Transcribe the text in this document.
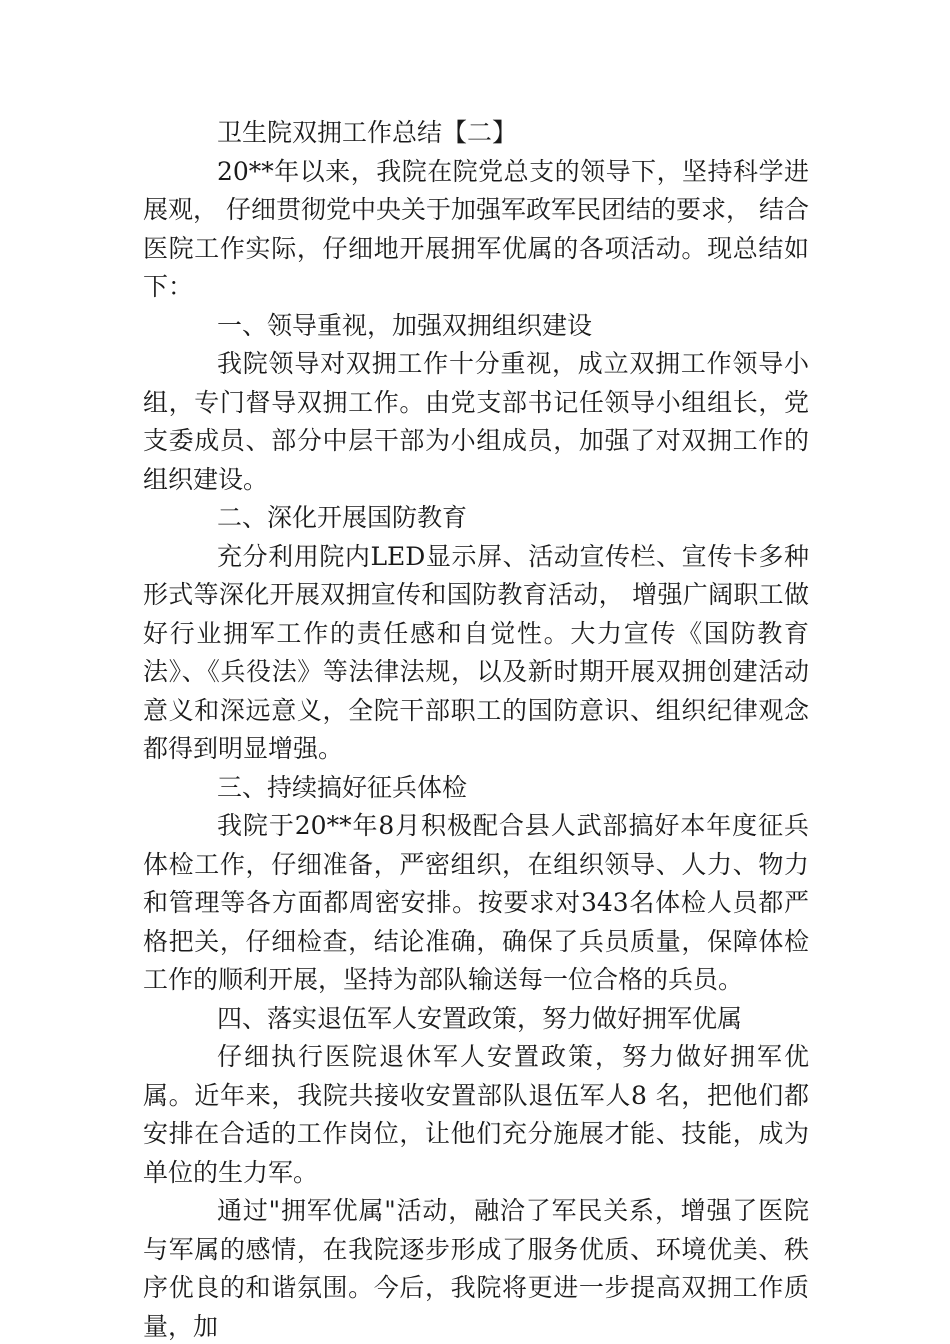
卫生院双拥工作总结【二】

20**年以来，我院在院党总支的领导下，坚持科学进展观， 仔细贯彻党中央关于加强军政军民团结的要求， 结合医院工作实际，仔细地开展拥军优属的各项活动。现总结如下：

一、领导重视，加强双拥组织建设

我院领导对双拥工作十分重视，成立双拥工作领导小组，专门督导双拥工作。由党支部书记任领导小组组长，党支委成员、部分中层干部为小组成员，加强了对双拥工作的组织建设。

二、深化开展国防教育

充分利用院内LED显示屏、活动宣传栏、宣传卡多种形式等深化开展双拥宣传和国防教育活动， 增强广阔职工做好行业拥军工作的责任感和自觉性。大力宣传《国防教育法》、《兵役法》等法律法规，以及新时期开展双拥创建活动意义和深远意义，全院干部职工的国防意识、组织纪律观念都得到明显增强。

三、持续搞好征兵体检

我院于20**年8月积极配合县人武部搞好本年度征兵体检工作，仔细准备，严密组织，在组织领导、人力、物力和管理等各方面都周密安排。按要求对343名体检人员都严格把关，仔细检查，结论准确，确保了兵员质量，保障体检工作的顺利开展，坚持为部队输送每一位合格的兵员。

四、落实退伍军人安置政策，努力做好拥军优属

仔细执行医院退休军人安置政策，努力做好拥军优属。近年来，我院共接收安置部队退伍军人8 名，把他们都安排在合适的工作岗位，让他们充分施展才能、技能，成为单位的生力军。

通过"拥军优属"活动，融洽了军民关系，增强了医院与军属的感情，在我院逐步形成了服务优质、环境优美、秩序优良的和谐氛围。今后，我院将更进一步提高双拥工作质量，加
